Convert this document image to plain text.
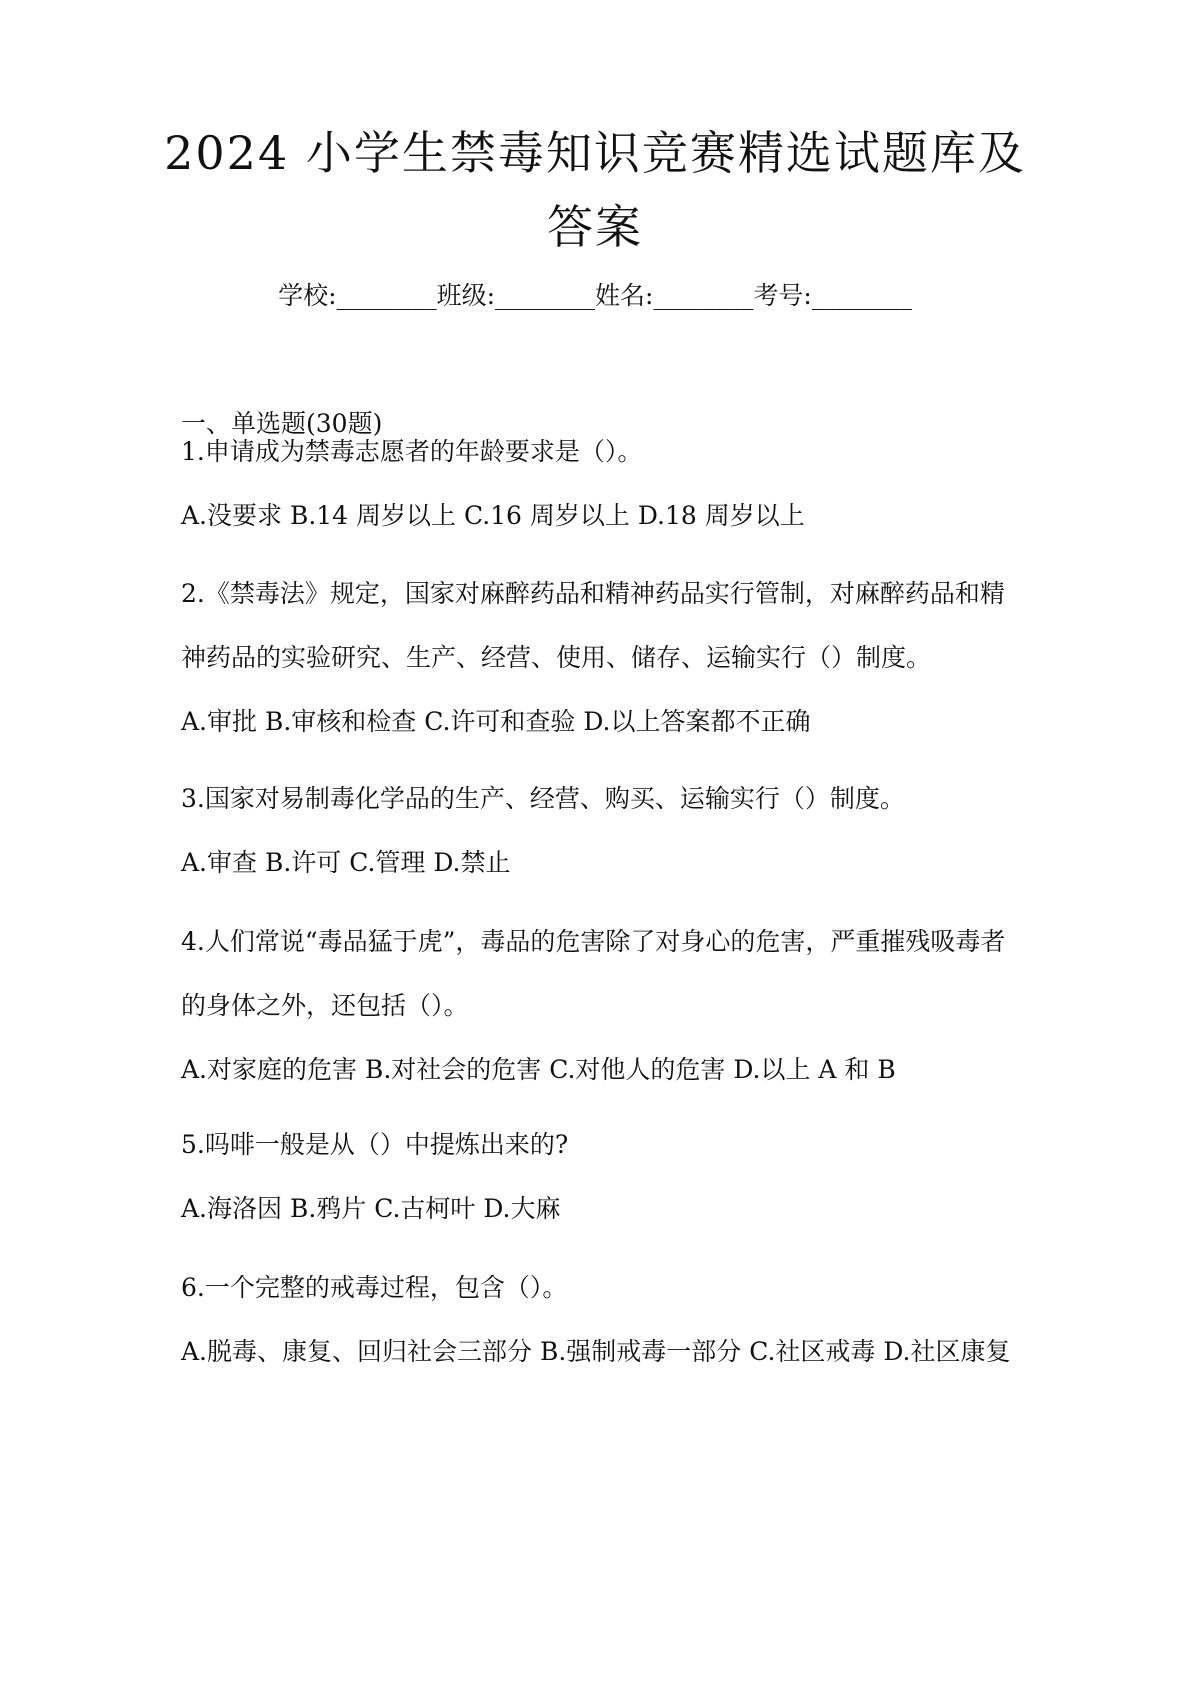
2024 小学生禁毒知识竞赛精选试题库及答案
学校:________班级:________姓名:________考号:________
一、单选题(30题)
1.申请成为禁毒志愿者的年龄要求是（）。
A.没要求 B.14 周岁以上 C.16 周岁以上 D.18 周岁以上
2.《禁毒法》规定，国家对麻醉药品和精神药品实行管制，对麻醉药品和精神药品的实验研究、生产、经营、使用、储存、运输实行（）制度。
A.审批 B.审核和检查 C.许可和查验 D.以上答案都不正确
3.国家对易制毒化学品的生产、经营、购买、运输实行（）制度。
A.审查 B.许可 C.管理 D.禁止
4.人们常说“毒品猛于虎”，毒品的危害除了对身心的危害，严重摧残吸毒者的身体之外，还包括（）。
A.对家庭的危害 B.对社会的危害 C.对他人的危害 D.以上 A 和 B
5.吗啡一般是从（）中提炼出来的?
A.海洛因 B.鸦片 C.古柯叶 D.大麻
6.一个完整的戒毒过程，包含（）。
A.脱毒、康复、回归社会三部分 B.强制戒毒一部分 C.社区戒毒 D.社区康复
